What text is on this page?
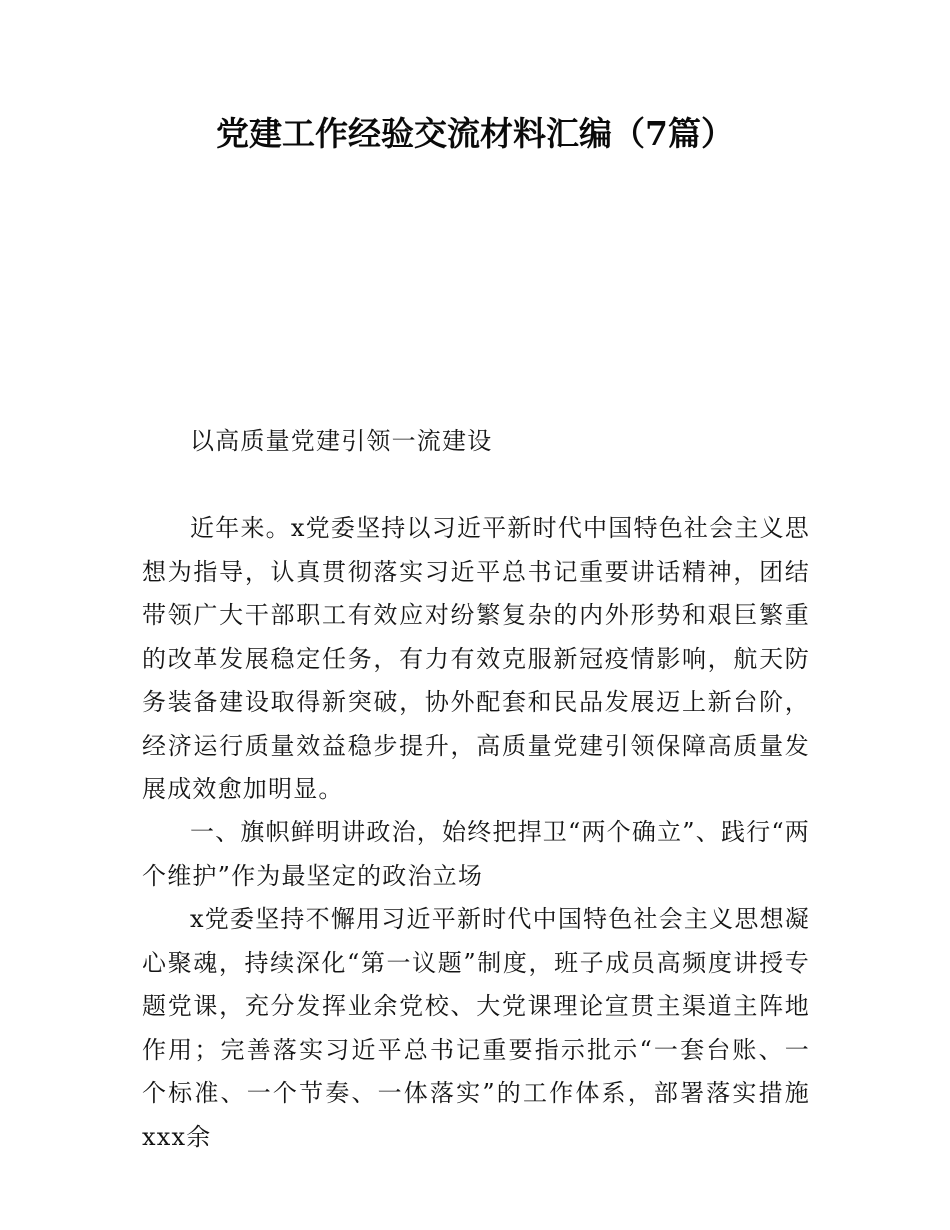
党建工作经验交流材料汇编（7篇）

以高质量党建引领一流建设

近年来。x党委坚持以习近平新时代中国特色社会主义思想为指导，认真贯彻落实习近平总书记重要讲话精神，团结带领广大干部职工有效应对纷繁复杂的内外形势和艰巨繁重的改革发展稳定任务，有力有效克服新冠疫情影响，航天防务装备建设取得新突破，协外配套和民品发展迈上新台阶，经济运行质量效益稳步提升，高质量党建引领保障高质量发展成效愈加明显。

一、旗帜鲜明讲政治，始终把捍卫“两个确立”、践行“两个维护”作为最坚定的政治立场

x党委坚持不懈用习近平新时代中国特色社会主义思想凝心聚魂，持续深化“第一议题”制度，班子成员高频度讲授专题党课，充分发挥业余党校、大党课理论宣贯主渠道主阵地作用；完善落实习近平总书记重要指示批示“一套台账、一个标准、一个节奏、一体落实”的工作体系，部署落实措施xxx余
